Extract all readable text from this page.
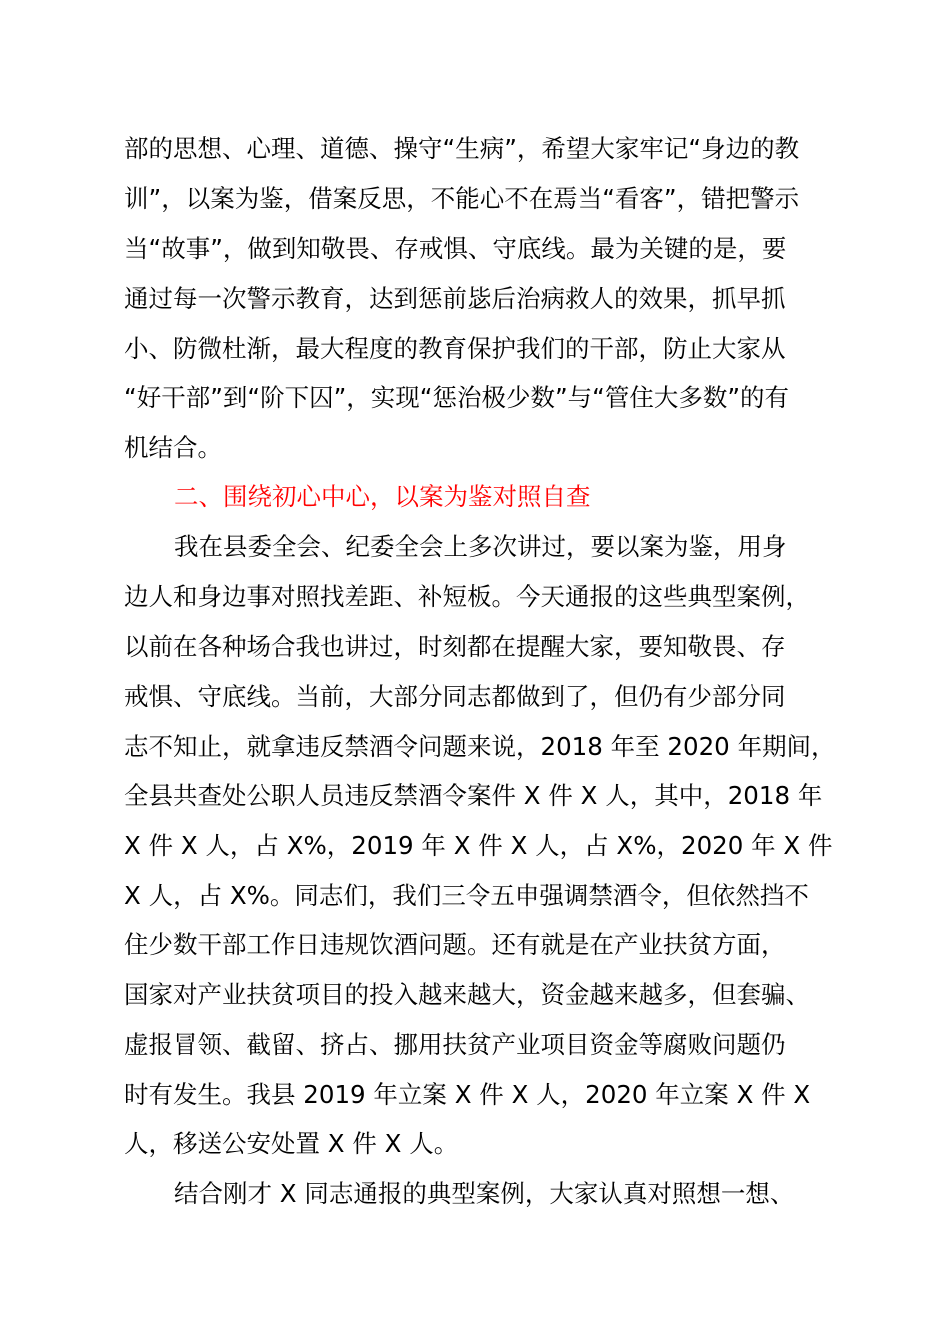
部的思想、心理、道德、操守“生病”，希望大家牢记“身边的教

训”，以案为鉴，借案反思，不能心不在焉当“看客”，错把警示

当“故事”，做到知敬畏、存戒惧、守底线。最为关键的是，要

通过每一次警示教育，达到惩前毖后治病救人的效果，抓早抓

小、防微杜渐，最大程度的教育保护我们的干部，防止大家从

“好干部”到“阶下囚”，实现“惩治极少数”与“管住大多数”的有

机结合。

二、围绕初心中心，以案为鉴对照自查

我在县委全会、纪委全会上多次讲过，要以案为鉴，用身

边人和身边事对照找差距、补短板。今天通报的这些典型案例，

以前在各种场合我也讲过，时刻都在提醒大家，要知敬畏、存

戒惧、守底线。当前，大部分同志都做到了，但仍有少部分同

志不知止，就拿违反禁酒令问题来说，2018 年至 2020 年期间，

全县共查处公职人员违反禁酒令案件 X 件 X 人，其中，2018 年

X 件 X 人，占 X%，2019 年 X 件 X 人，占 X%，2020 年 X 件

X 人，占 X%。同志们，我们三令五申强调禁酒令，但依然挡不

住少数干部工作日违规饮酒问题。还有就是在产业扶贫方面，

国家对产业扶贫项目的投入越来越大，资金越来越多，但套骗、

虚报冒领、截留、挤占、挪用扶贫产业项目资金等腐败问题仍

时有发生。我县 2019 年立案 X 件 X 人，2020 年立案 X 件 X

人，移送公安处置 X 件 X 人。

结合刚才 X 同志通报的典型案例，大家认真对照想一想、
